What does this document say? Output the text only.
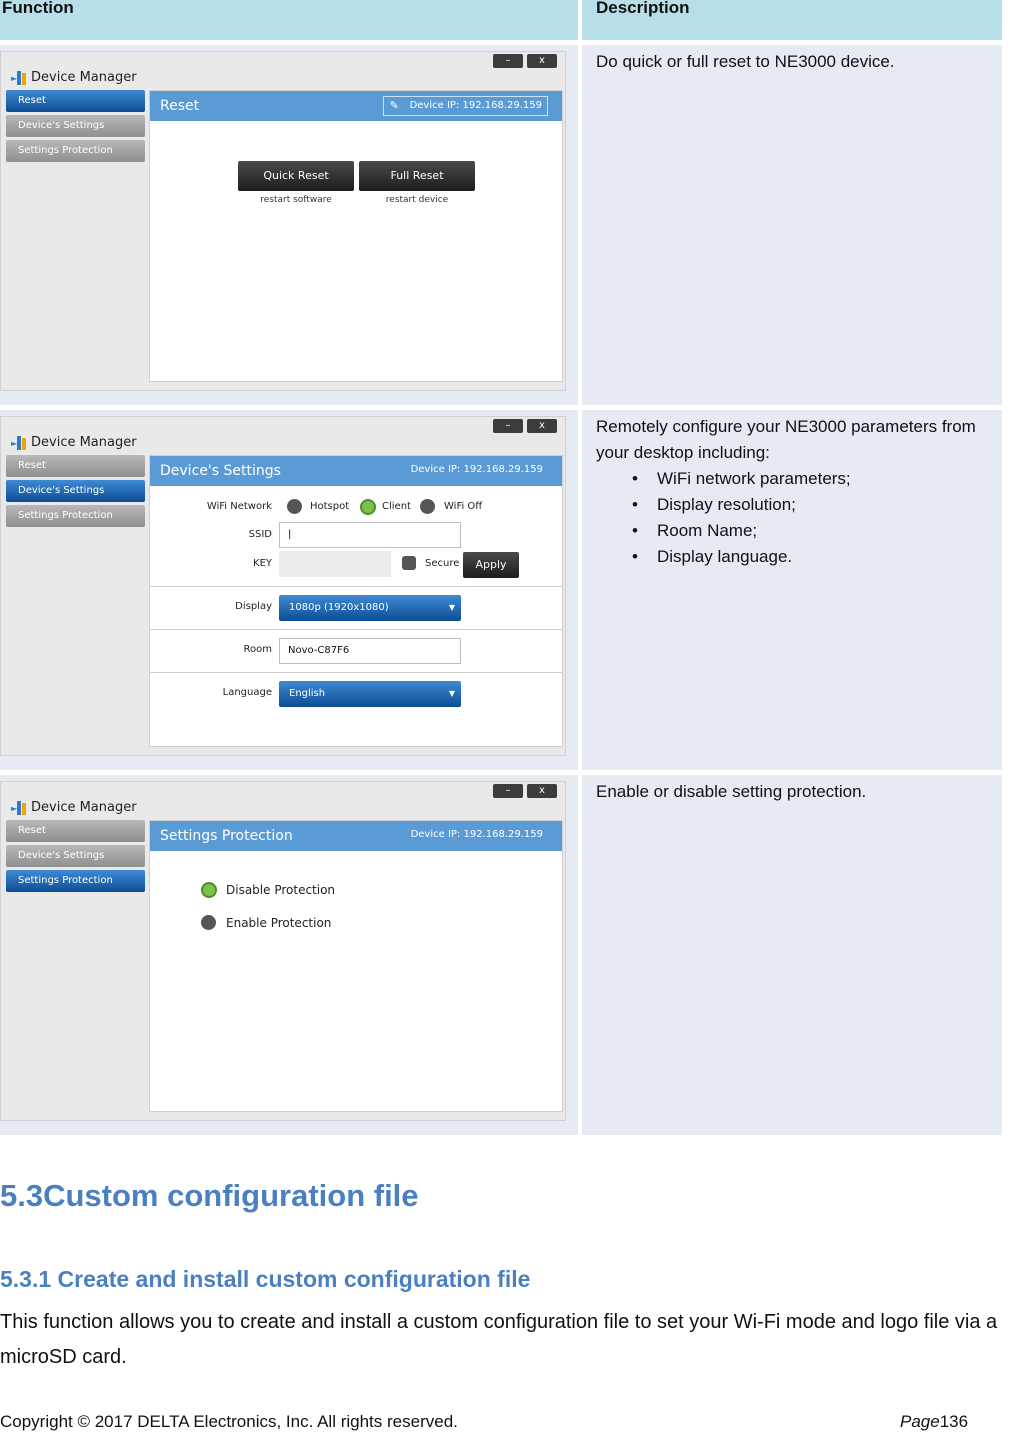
Function	Description
–	x
► Device Manager
Reset
Device's Settings
Settings Protection
Reset	✎ Device IP: 192.168.29.159
Quick Reset
restart software
Full Reset
restart device
Do quick or full reset to NE3000 device.
–	x
► Device Manager
Reset
Device's Settings
Settings Protection
Device's Settings	Device IP: 192.168.29.159
WiFi Network	Hotspot	Client	WiFi Off
SSID	|
KEY	Secure	Apply
Display	1080p (1920x1080)	▼
Room	Novo-C87F6
Language	English	▼
Remotely configure your NE3000 parameters from your desktop including:
• WiFi network parameters;
• Display resolution;
• Room Name;
• Display language.
–	x
► Device Manager
Reset
Device's Settings
Settings Protection
Settings Protection	Device IP: 192.168.29.159
Disable Protection
Enable Protection
Enable or disable setting protection.
5.3Custom configuration file
5.3.1 Create and install custom configuration file
This function allows you to create and install a custom configuration file to set your Wi-Fi mode and logo file via a microSD card.
Copyright © 2017 DELTA Electronics, Inc. All rights reserved.	Page136
